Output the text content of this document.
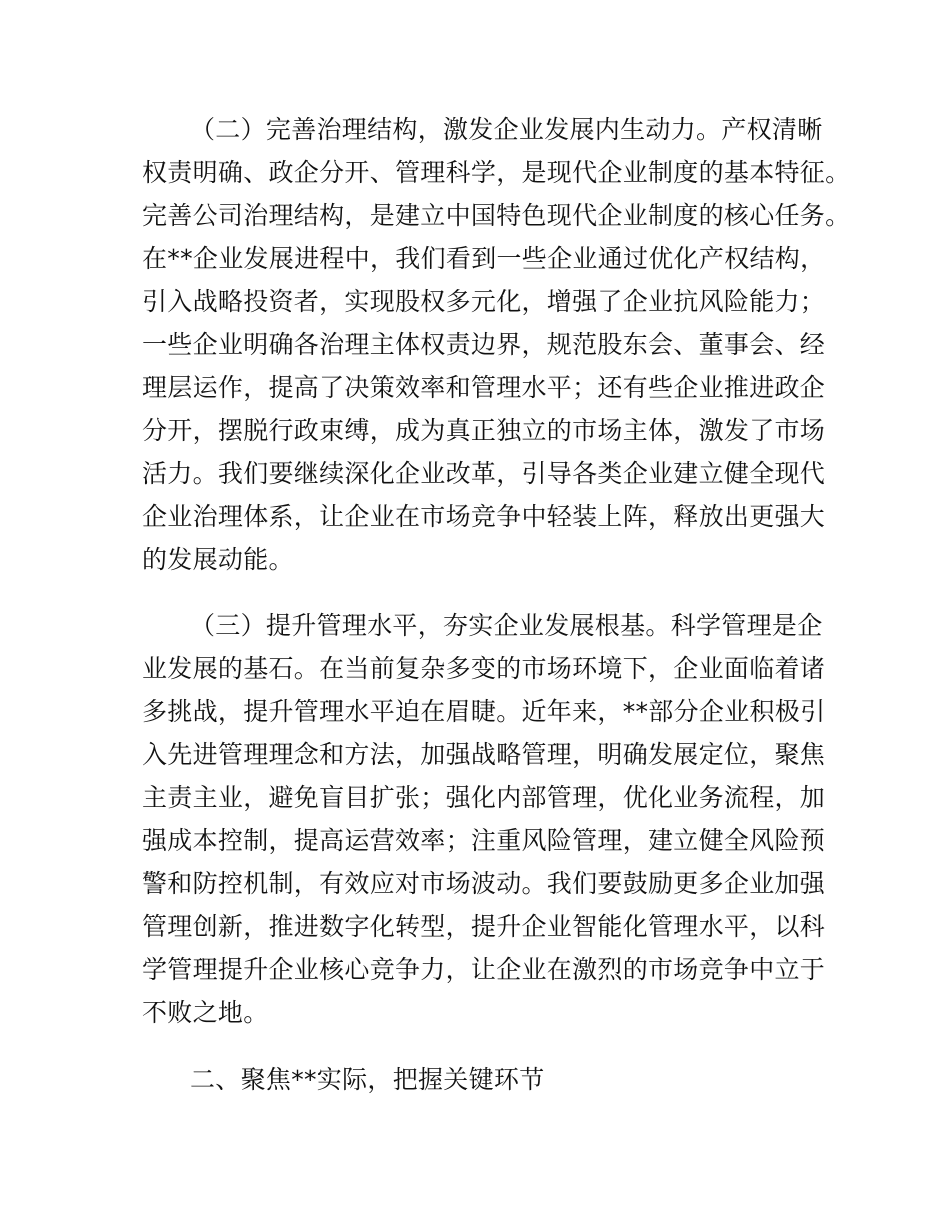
（二）完善治理结构，激发企业发展内生动力。产权清晰
权责明确、政企分开、管理科学，是现代企业制度的基本特征。
完善公司治理结构，是建立中国特色现代企业制度的核心任务。
在**企业发展进程中，我们看到一些企业通过优化产权结构，
引入战略投资者，实现股权多元化，增强了企业抗风险能力；
一些企业明确各治理主体权责边界，规范股东会、董事会、经
理层运作，提高了决策效率和管理水平；还有些企业推进政企
分开，摆脱行政束缚，成为真正独立的市场主体，激发了市场
活力。我们要继续深化企业改革，引导各类企业建立健全现代
企业治理体系，让企业在市场竞争中轻装上阵，释放出更强大
的发展动能。
（三）提升管理水平，夯实企业发展根基。科学管理是企
业发展的基石。在当前复杂多变的市场环境下，企业面临着诸
多挑战，提升管理水平迫在眉睫。近年来，**部分企业积极引
入先进管理理念和方法，加强战略管理，明确发展定位，聚焦
主责主业，避免盲目扩张；强化内部管理，优化业务流程，加
强成本控制，提高运营效率；注重风险管理，建立健全风险预
警和防控机制，有效应对市场波动。我们要鼓励更多企业加强
管理创新，推进数字化转型，提升企业智能化管理水平，以科
学管理提升企业核心竞争力，让企业在激烈的市场竞争中立于
不败之地。
二、聚焦**实际，把握关键环节
